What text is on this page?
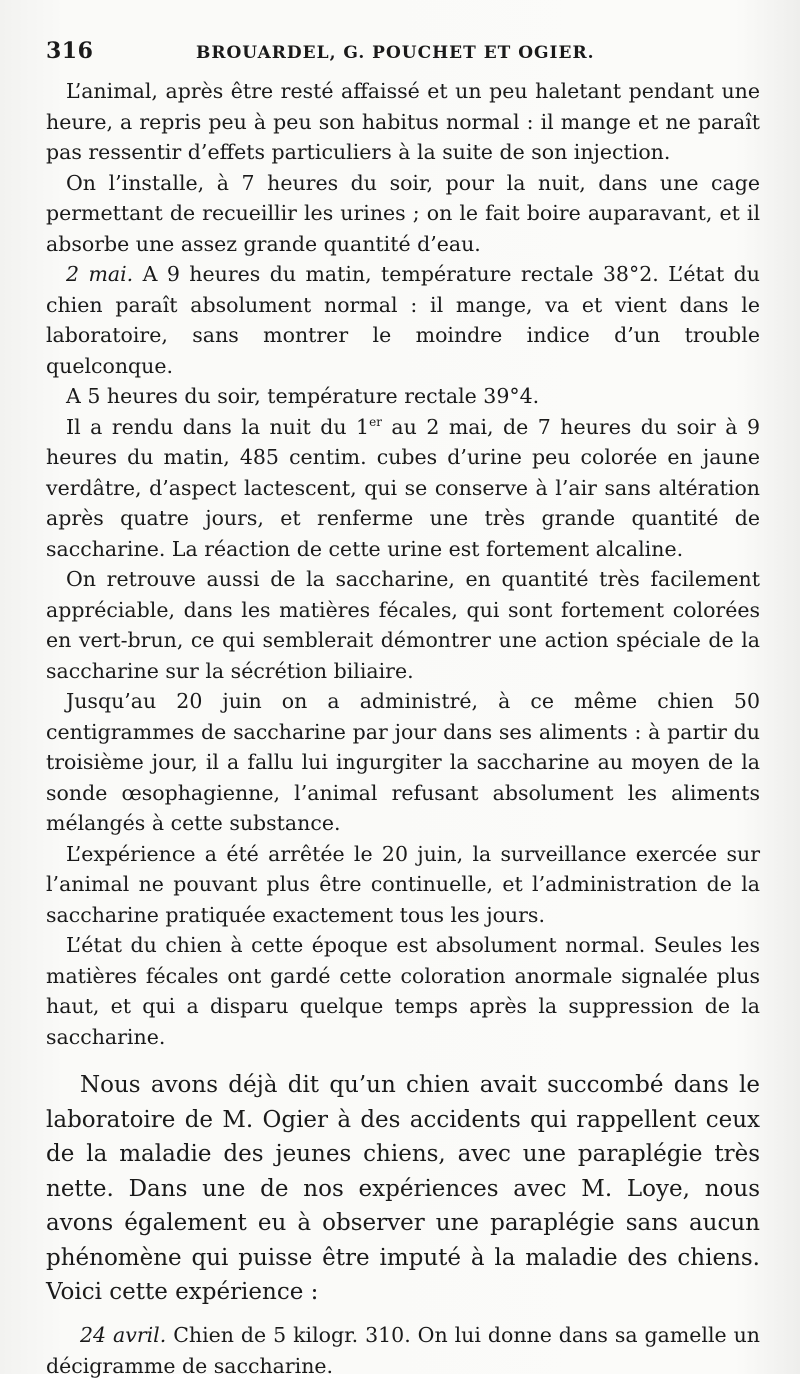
316	BROUARDEL, G. POUCHET ET OGIER.

L’animal, après être resté affaissé et un peu haletant pendant une heure, a repris peu à peu son habitus normal : il mange et ne paraît pas ressentir d’effets particuliers à la suite de son injection.

On l’installe, à 7 heures du soir, pour la nuit, dans une cage permettant de recueillir les urines ; on le fait boire auparavant, et il absorbe une assez grande quantité d’eau.

2 mai. A 9 heures du matin, température rectale 38°2. L’état du chien paraît absolument normal : il mange, va et vient dans le laboratoire, sans montrer le moindre indice d’un trouble quelconque.

A 5 heures du soir, température rectale 39°4.

Il a rendu dans la nuit du 1er au 2 mai, de 7 heures du soir à 9 heures du matin, 485 centim. cubes d’urine peu colorée en jaune verdâtre, d’aspect lactescent, qui se conserve à l’air sans altération après quatre jours, et renferme une très grande quantité de saccharine. La réaction de cette urine est fortement alcaline.

On retrouve aussi de la saccharine, en quantité très facilement appréciable, dans les matières fécales, qui sont fortement colorées en vert-brun, ce qui semblerait démontrer une action spéciale de la saccharine sur la sécrétion biliaire.

Jusqu’au 20 juin on a administré, à ce même chien 50 centigrammes de saccharine par jour dans ses aliments : à partir du troisième jour, il a fallu lui ingurgiter la saccharine au moyen de la sonde œsophagienne, l’animal refusant absolument les aliments mélangés à cette substance.

L’expérience a été arrêtée le 20 juin, la surveillance exercée sur l’animal ne pouvant plus être continuelle, et l’administration de la saccharine pratiquée exactement tous les jours.

L’état du chien à cette époque est absolument normal. Seules les matières fécales ont gardé cette coloration anormale signalée plus haut, et qui a disparu quelque temps après la suppression de la saccharine.

Nous avons déjà dit qu’un chien avait succombé dans le laboratoire de M. Ogier à des accidents qui rappellent ceux de la maladie des jeunes chiens, avec une paraplégie très nette. Dans une de nos expériences avec M. Loye, nous avons également eu à observer une paraplégie sans aucun phénomène qui puisse être imputé à la maladie des chiens. Voici cette expérience :

24 avril. Chien de 5 kilogr. 310. On lui donne dans sa gamelle un décigramme de saccharine.
